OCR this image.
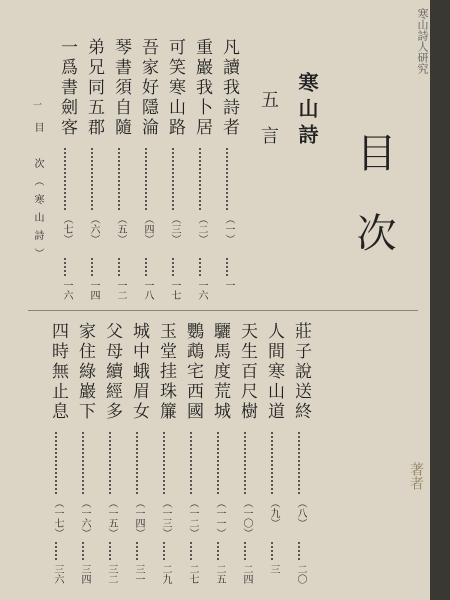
目　次
寒山詩
五言
凡讀我詩者
（一）
一
重巖我卜居
（二）
一六
可笑寒山路
（三）
一七
吾家好隱淪
（四）
一八
琴書須自隨
（五）
一二
弟兄同五郡
（六）
一四
一爲書劍客
（七）
一六
一
目　次（寒山詩）
莊子說送終
（八）
二〇
人間寒山道
（九）
三
天生百尺樹
（一〇）
二四
驪馬度荒城
（一一）
二五
鸚鵡宅西國
（一二）
二七
玉堂挂珠簾
（一三）
二九
城中蛾眉女
（一四）
三一
父母續經多
（一五）
三二
家住綠巖下
（一六）
三四
四時無止息
（一七）
三六
寒山詩人研究
著者
